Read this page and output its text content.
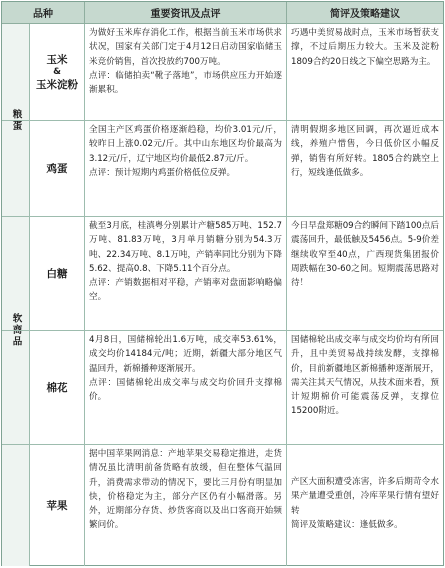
品种	重要资讯及点评	简评及策略建议
粮蛋
软商品
玉米
&
玉米淀粉

为做好玉米库存消化工作，根据当前玉米市场供求状况，国家有关部门定于4月12日启动国家临储玉米竞价销售，首次投放约700万吨。

点评：临储拍卖“靴子落地”，市场供应压力开始逐渐累积。

巧遇中美贸易战时点，玉米市场暂获支撑，不过后期压力较大。玉米及淀粉1809合约20日线之下偏空思路为主。

鸡蛋

全国主产区鸡蛋价格逐渐趋稳，均价3.01元/斤，较昨日上涨0.02元/斤。其中山东地区均价最高为3.12元/斤，辽宁地区均价最低2.87元/斤。

点评：预计短期内鸡蛋价格低位反弹。

清明假期多地区回调，再次逼近成本线，养殖户惜售，今日低价区小幅反弹，销售有所好转。1805合约跳空上行，短线逢低做多。

白糖

截至3月底，桂滇粤分别累计产糖585万吨、152.7万吨、81.83万吨，3月单月销糖分别为54.3万吨、22.34万吨、8.1万吨，产销率同比分别为下降5.62、提高0.8、下降5.11个百分点。

点评：产销数据相对平稳，产销率对盘面影响略偏空。

今日早盘郑糖09合约瞬间下踏100点后震荡回升，最低触及5456点。5-9价差继续收窄至40点，广西现货集团报价周跌幅在30-60之间。短期震荡思路对待！

棉花

4月8日，国储棉轮出1.6万吨，成交率53.61%，成交均价14184元/吨；近期，新疆大部分地区气温回升，新棉播种逐渐展开。

点评：国储棉轮出成交率与成交均价回升支撑棉价。

国储棉轮出成交率与成交均价均有所回升，且中美贸易战持续发酵，支撑棉价，目前新疆地区新棉播种逐渐展开，需关注其天气情况，从技术面来看，预计短期棉价可能震荡反弹，支撑位15200附近。

苹果

据中国苹果网消息：产地苹果交易稳定推进，走货情况虽比清明前备货略有放缓，但在整体气温回升，消费需求带动的情况下，要比三月份有明显加快，价格稳定为主，部分产区仍有小幅滑落。另外，近期部分存货、炒货客商以及出口客商开始频繁问价。

产区大面积遭受冻害，许多后期苛令水果产量遭受重创，冷库苹果行情有望好转

简评及策略建议：逢低做多。
